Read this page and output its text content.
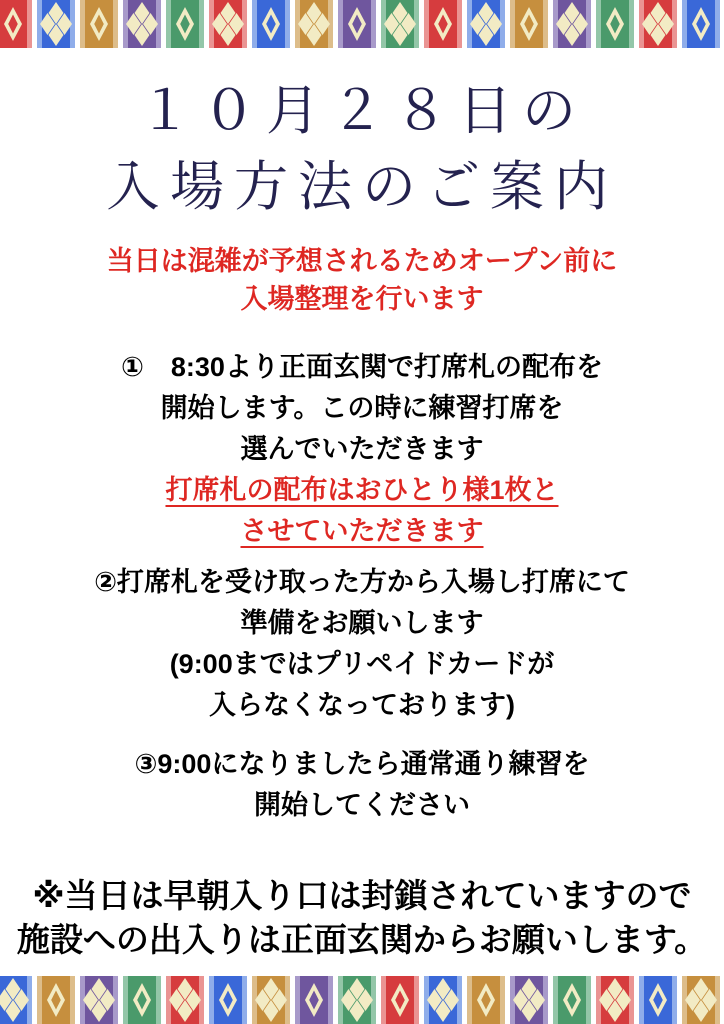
１０月２８日の
入場方法のご案内

当日は混雑が予想されるためオープン前に
入場整理を行います

①　8:30より正面玄関で打席札の配布を
開始します。この時に練習打席を
選んでいただきます

打席札の配布はおひとり様1枚と
させていただきます

②打席札を受け取った方から入場し打席にて
準備をお願いします
(9:00まではプリペイドカードが
入らなくなっております)

③9:00になりましたら通常通り練習を
開始してください

※当日は早朝入り口は封鎖されていますので
施設への出入りは正面玄関からお願いします。
